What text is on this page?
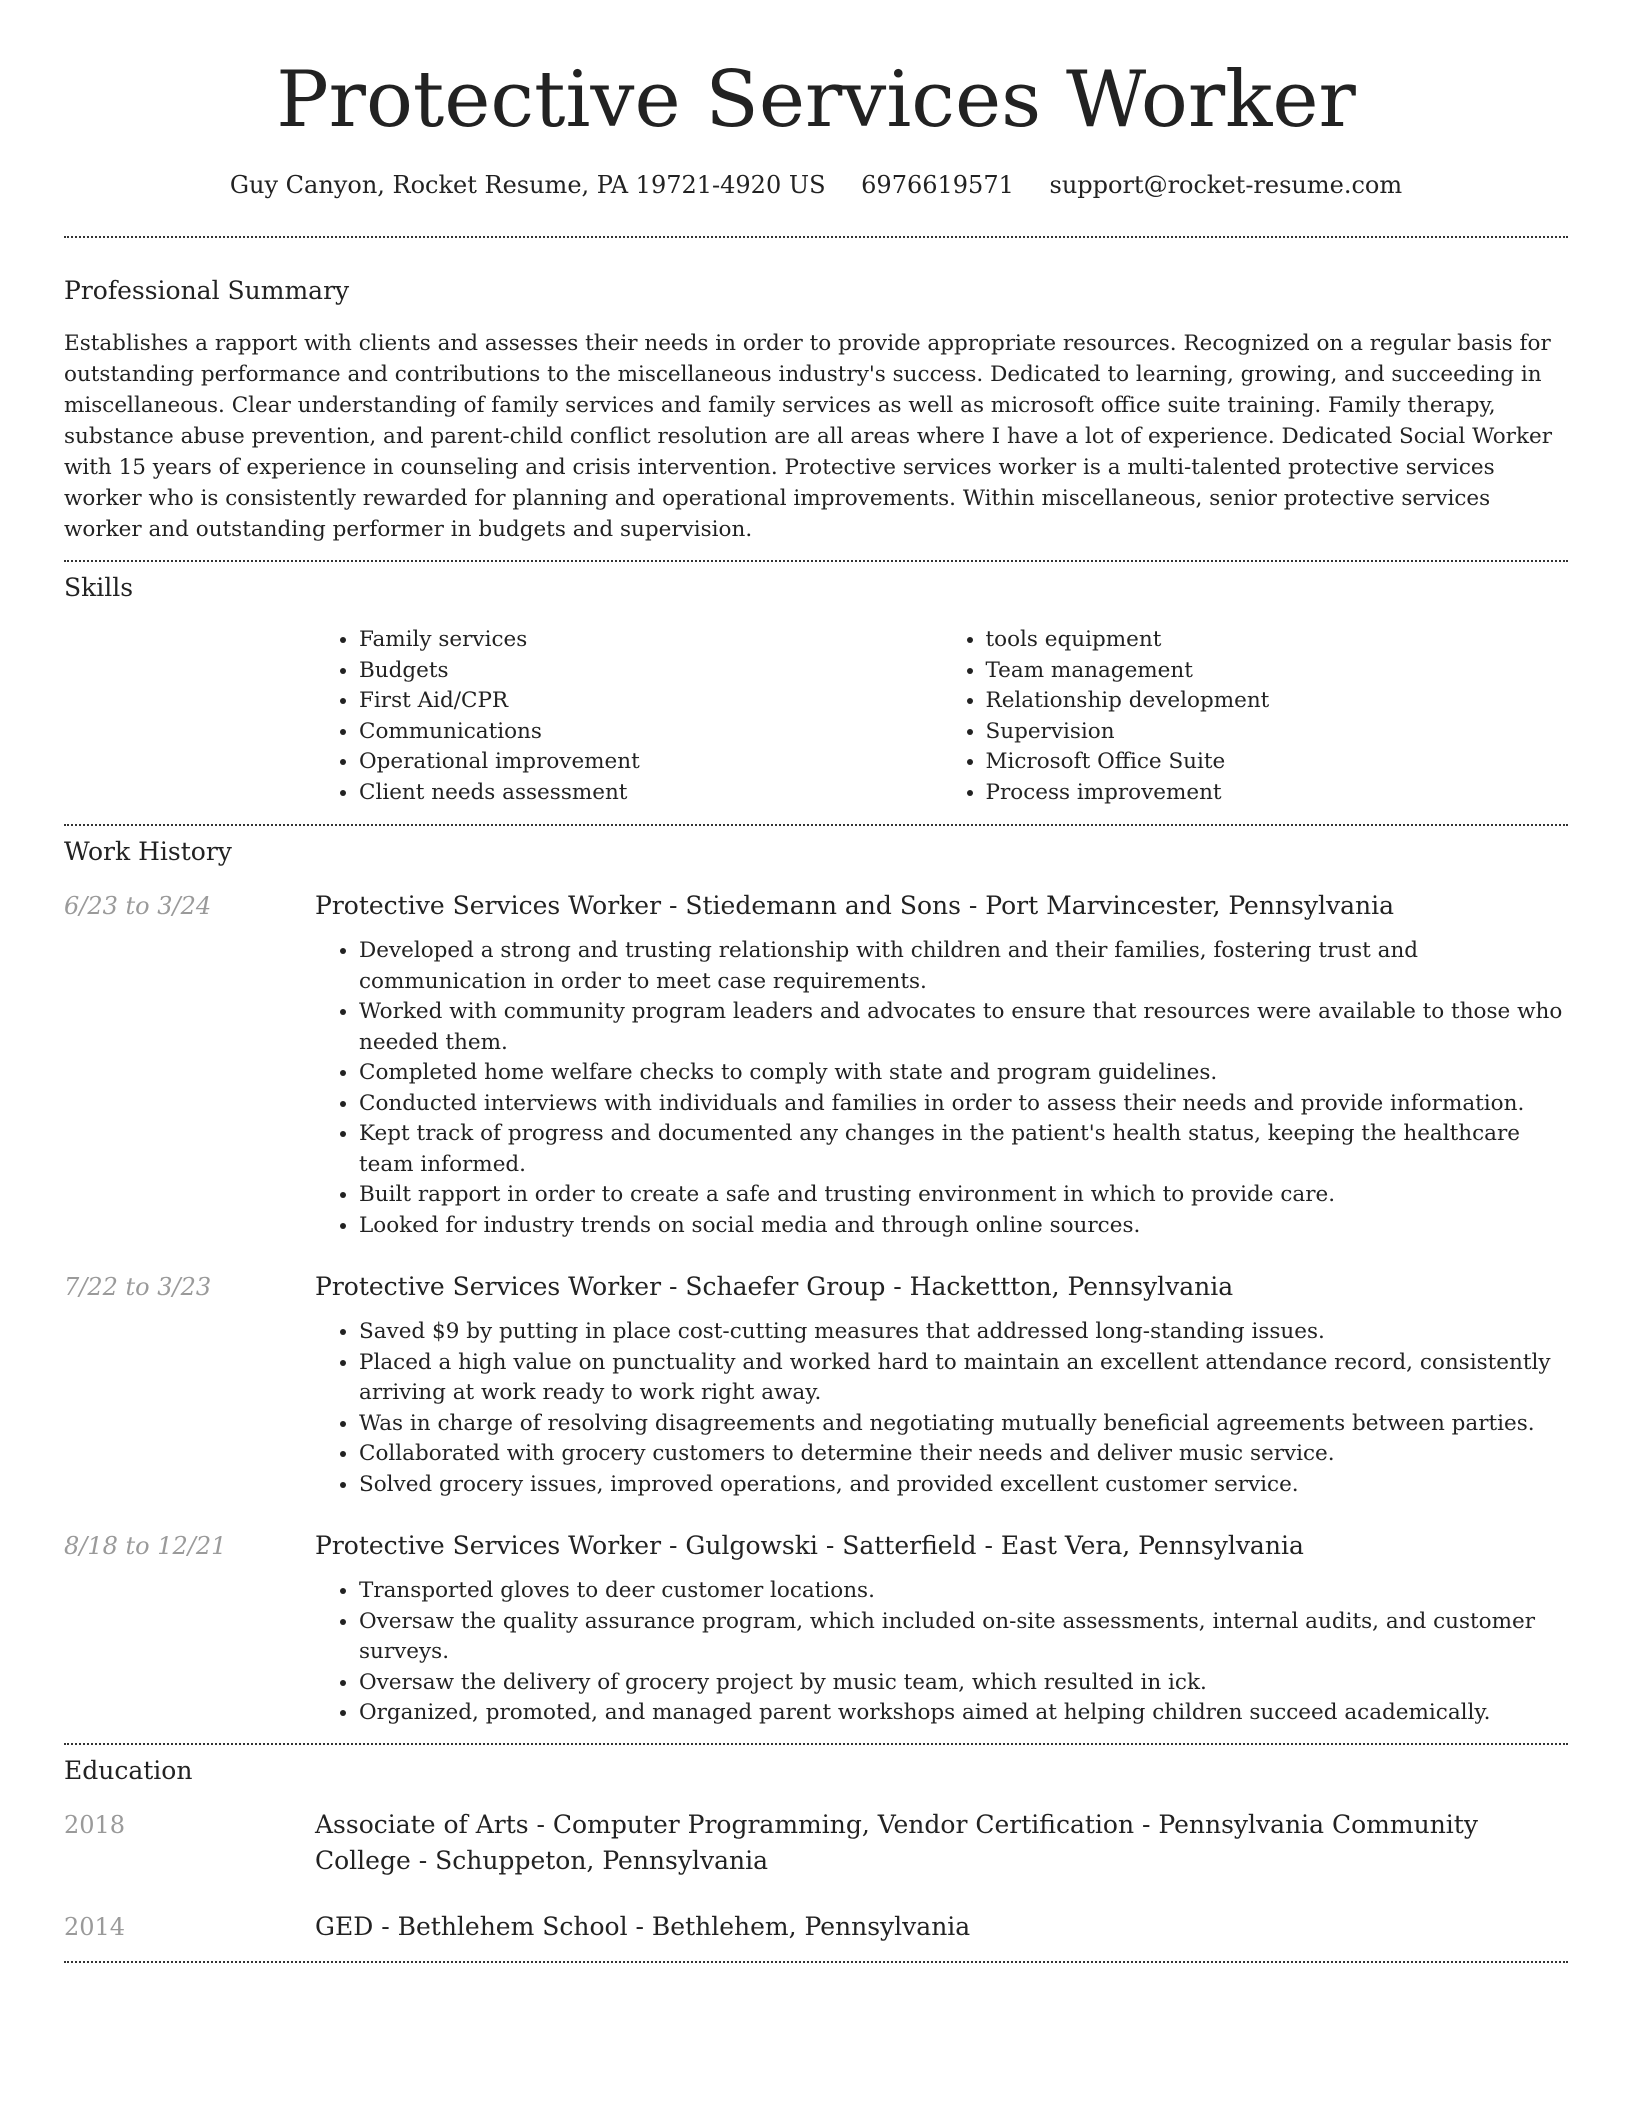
Protective Services Worker
Guy Canyon, Rocket Resume, PA 19721-4920 US 6976619571 support@rocket-resume.com
Professional Summary

Establishes a rapport with clients and assesses their needs in order to provide appropriate resources. Recognized on a regular basis for outstanding performance and contributions to the miscellaneous industry's success. Dedicated to learning, growing, and succeeding in miscellaneous. Clear understanding of family services and family services as well as microsoft office suite training. Family therapy, substance abuse prevention, and parent-child conflict resolution are all areas where I have a lot of experience. Dedicated Social Worker with 15 years of experience in counseling and crisis intervention. Protective services worker is a multi-talented protective services worker who is consistently rewarded for planning and operational improvements. Within miscellaneous, senior protective services worker and outstanding performer in budgets and supervision.

Skills
• Family services
• Budgets
• First Aid/CPR
• Communications
• Operational improvement
• Client needs assessment
• tools equipment
• Team management
• Relationship development
• Supervision
• Microsoft Office Suite
• Process improvement
Work History
6/23 to 3/24	Protective Services Worker - Stiedemann and Sons - Port Marvincester, Pennsylvania
• Developed a strong and trusting relationship with children and their families, fostering trust and communication in order to meet case requirements.
• Worked with community program leaders and advocates to ensure that resources were available to those who needed them.
• Completed home welfare checks to comply with state and program guidelines.
• Conducted interviews with individuals and families in order to assess their needs and provide information.
• Kept track of progress and documented any changes in the patient's health status, keeping the healthcare team informed.
• Built rapport in order to create a safe and trusting environment in which to provide care.
• Looked for industry trends on social media and through online sources.
7/22 to 3/23	Protective Services Worker - Schaefer Group - Hackettton, Pennsylvania
• Saved $9 by putting in place cost-cutting measures that addressed long-standing issues.
• Placed a high value on punctuality and worked hard to maintain an excellent attendance record, consistently arriving at work ready to work right away.
• Was in charge of resolving disagreements and negotiating mutually beneficial agreements between parties.
• Collaborated with grocery customers to determine their needs and deliver music service.
• Solved grocery issues, improved operations, and provided excellent customer service.
8/18 to 12/21	Protective Services Worker - Gulgowski - Satterfield - East Vera, Pennsylvania
• Transported gloves to deer customer locations.
• Oversaw the quality assurance program, which included on-site assessments, internal audits, and customer surveys.
• Oversaw the delivery of grocery project by music team, which resulted in ick.
• Organized, promoted, and managed parent workshops aimed at helping children succeed academically.
Education
2018	Associate of Arts - Computer Programming, Vendor Certification - Pennsylvania Community College - Schuppeton, Pennsylvania
2014	GED - Bethlehem School - Bethlehem, Pennsylvania
